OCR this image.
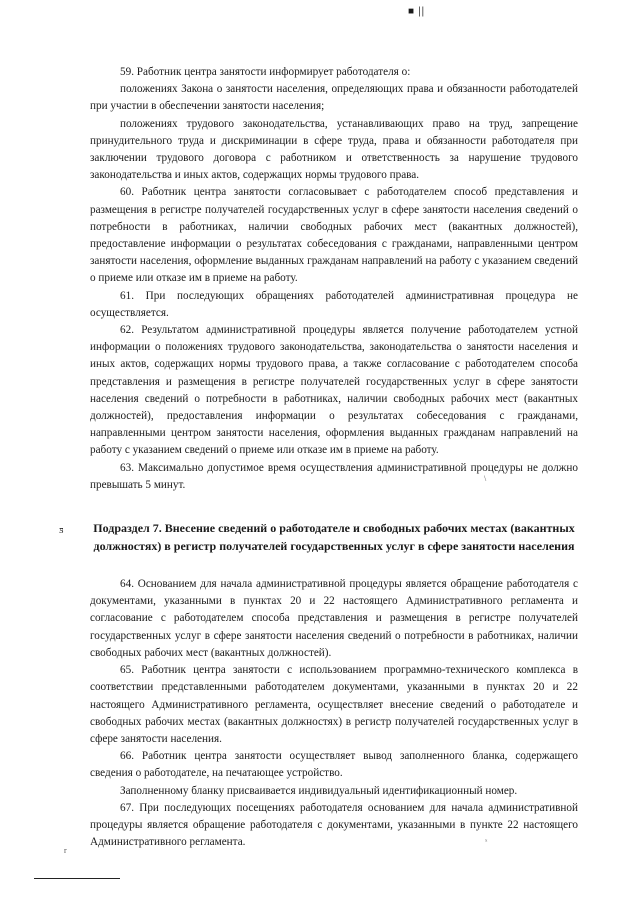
■ ||

59. Работник центра занятости информирует работодателя о:

положениях Закона о занятости населения, определяющих права и обязанности работодателей при участии в обеспечении занятости населения;

положениях трудового законодательства, устанавливающих право на труд, запрещение принудительного труда и дискриминации в сфере труда, права и обязанности работодателя при заключении трудового договора с работником и ответственность за нарушение трудового законодательства и иных актов, содержащих нормы трудового права.

60. Работник центра занятости согласовывает с работодателем способ представления и размещения в регистре получателей государственных услуг в сфере занятости населения сведений о потребности в работниках, наличии свободных рабочих мест (вакантных должностей), предоставление информации о результатах собеседования с гражданами, направленными центром занятости населения, оформление выданных гражданам направлений на работу с указанием сведений о приеме или отказе им в приеме на работу.

61. При последующих обращениях работодателей административная процедура не осуществляется.

62. Результатом административной процедуры является получение работодателем устной информации о положениях трудового законодательства, законодательства о занятости населения и иных актов, содержащих нормы трудового права, а также согласование с работодателем способа представления и размещения в регистре получателей государственных услуг в сфере занятости населения сведений о потребности в работниках, наличии свободных рабочих мест (вакантных должностей), предоставления информации о результатах собеседования с гражданами, направленными центром занятости населения, оформления выданных гражданам направлений на работу с указанием сведений о приеме или отказе им в приеме на работу.

63. Максимально допустимое время осуществления административной процедуры не должно превышать 5 минут.

ƽ Подраздел 7. Внесение сведений о работодателе и свободных рабочих местах (вакантных должностях) в регистр получателей государственных услуг в сфере занятости населения

64. Основанием для начала административной процедуры является обращение работодателя с документами, указанными в пунктах 20 и 22 настоящего Административного регламента и согласование с работодателем способа представления и размещения в регистре получателей государственных услуг в сфере занятости населения сведений о потребности в работниках, наличии свободных рабочих мест (вакантных должностей).

65. Работник центра занятости с использованием программно-технического комплекса в соответствии представленными работодателем документами, указанными в пунктах 20 и 22 настоящего Административного регламента, осуществляет внесение сведений о работодателе и свободных рабочих местах (вакантных должностях) в регистр получателей государственных услуг в сфере занятости населения.

66. Работник центра занятости осуществляет вывод заполненного бланка, содержащего сведения о работодателе, на печатающее устройство.

Заполненному бланку присваивается индивидуальный идентификационный номер.

67. При последующих посещениях работодателя основанием для начала административной процедуры является обращение работодателя с документами, указанными в пункте 22 настоящего Административного регламента.

\
ₓ
r
